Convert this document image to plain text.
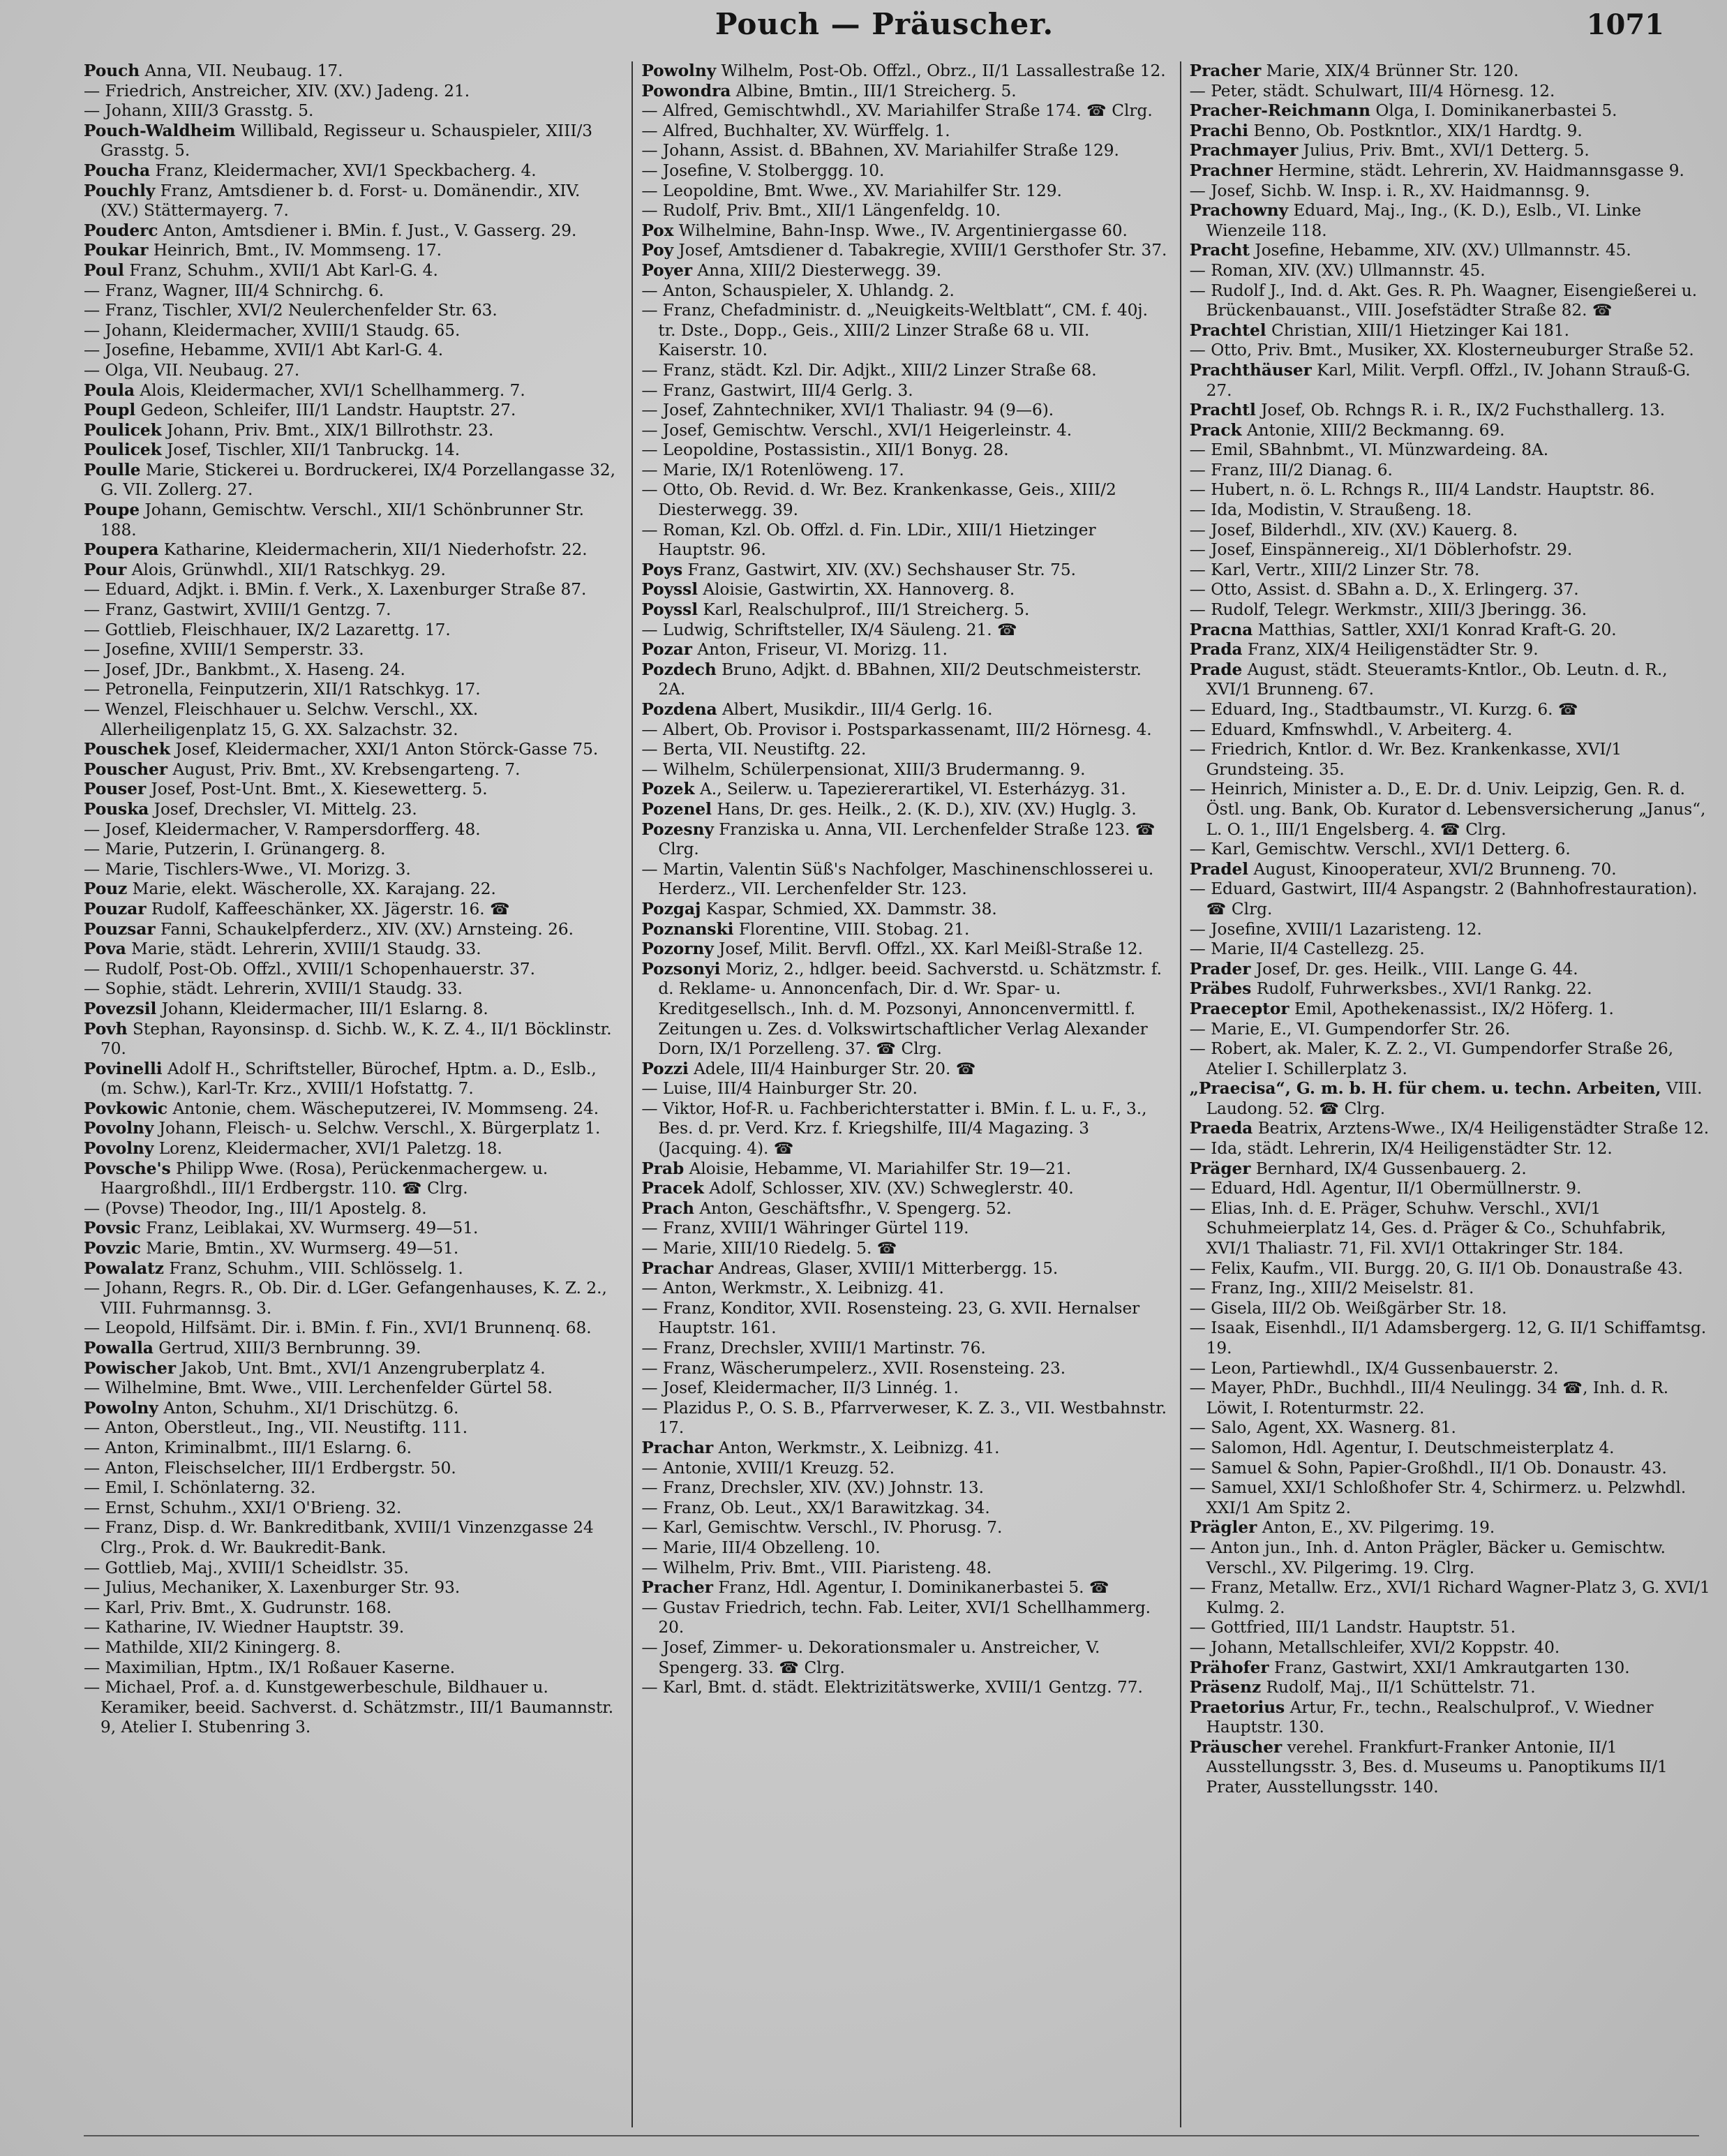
Pouch — Präuscher.	1071

Pouch Anna, VII. Neubaug. 17.

— Friedrich, Anstreicher, XIV. (XV.) Jadeng. 21.

— Johann, XIII/3 Grasstg. 5.

Pouch-Waldheim Willibald, Regisseur u. Schauspieler, XIII/3 Grasstg. 5.

Poucha Franz, Kleidermacher, XVI/1 Speckbacherg. 4.

Pouchly Franz, Amtsdiener b. d. Forst- u. Domänendir., XIV. (XV.) Stättermayerg. 7.

Pouderc Anton, Amtsdiener i. BMin. f. Just., V. Gasserg. 29.

Poukar Heinrich, Bmt., IV. Mommseng. 17.

Poul Franz, Schuhm., XVII/1 Abt Karl-G. 4.

— Franz, Wagner, III/4 Schnirchg. 6.

— Franz, Tischler, XVI/2 Neulerchenfelder Str. 63.

— Johann, Kleidermacher, XVIII/1 Staudg. 65.

— Josefine, Hebamme, XVII/1 Abt Karl-G. 4.

— Olga, VII. Neubaug. 27.

Poula Alois, Kleidermacher, XVI/1 Schellhammerg. 7.

Poupl Gedeon, Schleifer, III/1 Landstr. Hauptstr. 27.

Poulicek Johann, Priv. Bmt., XIX/1 Billrothstr. 23.

Poulicek Josef, Tischler, XII/1 Tanbruckg. 14.

Poulle Marie, Stickerei u. Bordruckerei, IX/4 Porzellangasse 32, G. VII. Zollerg. 27.

Poupe Johann, Gemischtw. Verschl., XII/1 Schönbrunner Str. 188.

Poupera Katharine, Kleidermacherin, XII/1 Niederhofstr. 22.

Pour Alois, Grünwhdl., XII/1 Ratschkyg. 29.

— Eduard, Adjkt. i. BMin. f. Verk., X. Laxenburger Straße 87.

— Franz, Gastwirt, XVIII/1 Gentzg. 7.

— Gottlieb, Fleischhauer, IX/2 Lazarettg. 17.

— Josefine, XVIII/1 Semperstr. 33.

— Josef, JDr., Bankbmt., X. Haseng. 24.

— Petronella, Feinputzerin, XII/1 Ratschkyg. 17.

— Wenzel, Fleischhauer u. Selchw. Verschl., XX. Allerheiligenplatz 15, G. XX. Salzachstr. 32.

Pouschek Josef, Kleidermacher, XXI/1 Anton Störck-Gasse 75.

Pouscher August, Priv. Bmt., XV. Krebsengarteng. 7.

Pouser Josef, Post-Unt. Bmt., X. Kiesewetterg. 5.

Pouska Josef, Drechsler, VI. Mittelg. 23.

— Josef, Kleidermacher, V. Rampersdorfferg. 48.

— Marie, Putzerin, I. Grünangerg. 8.

— Marie, Tischlers-Wwe., VI. Morizg. 3.

Pouz Marie, elekt. Wäscherolle, XX. Karajang. 22.

Pouzar Rudolf, Kaffeeschänker, XX. Jägerstr. 16. ☎

Pouzsar Fanni, Schaukelpferderz., XIV. (XV.) Arnsteing. 26.

Pova Marie, städt. Lehrerin, XVIII/1 Staudg. 33.

— Rudolf, Post-Ob. Offzl., XVIII/1 Schopenhauerstr. 37.

— Sophie, städt. Lehrerin, XVIII/1 Staudg. 33.

Povezsil Johann, Kleidermacher, III/1 Eslarng. 8.

Povh Stephan, Rayonsinsp. d. Sichb. W., K. Z. 4., II/1 Böcklinstr. 70.

Povinelli Adolf H., Schriftsteller, Bürochef, Hptm. a. D., Eslb., (m. Schw.), Karl-Tr. Krz., XVIII/1 Hofstattg. 7.

Povkowic Antonie, chem. Wäscheputzerei, IV. Mommseng. 24.

Povolny Johann, Fleisch- u. Selchw. Verschl., X. Bürgerplatz 1.

Povolny Lorenz, Kleidermacher, XVI/1 Paletzg. 18.

Povsche's Philipp Wwe. (Rosa), Perückenmachergew. u. Haargroßhdl., III/1 Erdbergstr. 110. ☎ Clrg.

— (Povse) Theodor, Ing., III/1 Apostelg. 8.

Povsic Franz, Leiblakai, XV. Wurmserg. 49—51.

Povzic Marie, Bmtin., XV. Wurmserg. 49—51.

Powalatz Franz, Schuhm., VIII. Schlösselg. 1.

— Johann, Regrs. R., Ob. Dir. d. LGer. Gefangenhauses, K. Z. 2., VIII. Fuhrmannsg. 3.

— Leopold, Hilfsämt. Dir. i. BMin. f. Fin., XVI/1 Brunnenq. 68.

Powalla Gertrud, XIII/3 Bernbrunng. 39.

Powischer Jakob, Unt. Bmt., XVI/1 Anzengruberplatz 4.

— Wilhelmine, Bmt. Wwe., VIII. Lerchenfelder Gürtel 58.

Powolny Anton, Schuhm., XI/1 Drischützg. 6.

— Anton, Oberstleut., Ing., VII. Neustiftg. 111.

— Anton, Kriminalbmt., III/1 Eslarng. 6.

— Anton, Fleischselcher, III/1 Erdbergstr. 50.

— Emil, I. Schönlaterng. 32.

— Ernst, Schuhm., XXI/1 O'Brieng. 32.

— Franz, Disp. d. Wr. Bankreditbank, XVIII/1 Vinzenzgasse 24 Clrg., Prok. d. Wr. Baukredit-Bank.

— Gottlieb, Maj., XVIII/1 Scheidlstr. 35.

— Julius, Mechaniker, X. Laxenburger Str. 93.

— Karl, Priv. Bmt., X. Gudrunstr. 168.

— Katharine, IV. Wiedner Hauptstr. 39.

— Mathilde, XII/2 Kiningerg. 8.

— Maximilian, Hptm., IX/1 Roßauer Kaserne.

— Michael, Prof. a. d. Kunstgewerbeschule, Bildhauer u. Keramiker, beeid. Sachverst. d. Schätzmstr., III/1 Baumannstr. 9, Atelier I. Stubenring 3.

Powolny Wilhelm, Post-Ob. Offzl., Obrz., II/1 Lassallestraße 12.

Powondra Albine, Bmtin., III/1 Streicherg. 5.

— Alfred, Gemischtwhdl., XV. Mariahilfer Straße 174. ☎ Clrg.

— Alfred, Buchhalter, XV. Würffelg. 1.

— Johann, Assist. d. BBahnen, XV. Mariahilfer Straße 129.

— Josefine, V. Stolberggg. 10.

— Leopoldine, Bmt. Wwe., XV. Mariahilfer Str. 129.

— Rudolf, Priv. Bmt., XII/1 Längenfeldg. 10.

Pox Wilhelmine, Bahn-Insp. Wwe., IV. Argentiniergasse 60.

Poy Josef, Amtsdiener d. Tabakregie, XVIII/1 Gersthofer Str. 37.

Poyer Anna, XIII/2 Diesterwegg. 39.

— Anton, Schauspieler, X. Uhlandg. 2.

— Franz, Chefadministr. d. „Neuigkeits-Weltblatt“, CM. f. 40j. tr. Dste., Dopp., Geis., XIII/2 Linzer Straße 68 u. VII. Kaiserstr. 10.

— Franz, städt. Kzl. Dir. Adjkt., XIII/2 Linzer Straße 68.

— Franz, Gastwirt, III/4 Gerlg. 3.

— Josef, Zahntechniker, XVI/1 Thaliastr. 94 (9—6).

— Josef, Gemischtw. Verschl., XVI/1 Heigerleinstr. 4.

— Leopoldine, Postassistin., XII/1 Bonyg. 28.

— Marie, IX/1 Rotenlöweng. 17.

— Otto, Ob. Revid. d. Wr. Bez. Krankenkasse, Geis., XIII/2 Diesterwegg. 39.

— Roman, Kzl. Ob. Offzl. d. Fin. LDir., XIII/1 Hietzinger Hauptstr. 96.

Poys Franz, Gastwirt, XIV. (XV.) Sechshauser Str. 75.

Poyssl Aloisie, Gastwirtin, XX. Hannoverg. 8.

Poyssl Karl, Realschulprof., III/1 Streicherg. 5.

— Ludwig, Schriftsteller, IX/4 Säuleng. 21. ☎

Pozar Anton, Friseur, VI. Morizg. 11.

Pozdech Bruno, Adjkt. d. BBahnen, XII/2 Deutschmeisterstr. 2A.

Pozdena Albert, Musikdir., III/4 Gerlg. 16.

— Albert, Ob. Provisor i. Postsparkassenamt, III/2 Hörnesg. 4.

— Berta, VII. Neustiftg. 22.

— Wilhelm, Schülerpensionat, XIII/3 Brudermanng. 9.

Pozek A., Seilerw. u. Tapeziererartikel, VI. Esterházyg. 31.

Pozenel Hans, Dr. ges. Heilk., 2. (K. D.), XIV. (XV.) Huglg. 3.

Pozesny Franziska u. Anna, VII. Lerchenfelder Straße 123. ☎ Clrg.

— Martin, Valentin Süß's Nachfolger, Maschinenschlosserei u. Herderz., VII. Lerchenfelder Str. 123.

Pozgaj Kaspar, Schmied, XX. Dammstr. 38.

Poznanski Florentine, VIII. Stobag. 21.

Pozorny Josef, Milit. Bervfl. Offzl., XX. Karl Meißl-Straße 12.

Pozsonyi Moriz, 2., hdlger. beeid. Sachverstd. u. Schätzmstr. f. d. Reklame- u. Annoncenfach, Dir. d. Wr. Spar- u. Kreditgesellsch., Inh. d. M. Pozsonyi, Annoncenvermittl. f. Zeitungen u. Zes. d. Volkswirtschaftlicher Verlag Alexander Dorn, IX/1 Porzelleng. 37. ☎ Clrg.

Pozzi Adele, III/4 Hainburger Str. 20. ☎

— Luise, III/4 Hainburger Str. 20.

— Viktor, Hof-R. u. Fachberichterstatter i. BMin. f. L. u. F., 3., Bes. d. pr. Verd. Krz. f. Kriegshilfe, III/4 Magazing. 3 (Jacquing. 4). ☎

Prab Aloisie, Hebamme, VI. Mariahilfer Str. 19—21.

Pracek Adolf, Schlosser, XIV. (XV.) Schweglerstr. 40.

Prach Anton, Geschäftsfhr., V. Spengerg. 52.

— Franz, XVIII/1 Währinger Gürtel 119.

— Marie, XIII/10 Riedelg. 5. ☎

Prachar Andreas, Glaser, XVIII/1 Mitterbergg. 15.

— Anton, Werkmstr., X. Leibnizg. 41.

— Franz, Konditor, XVII. Rosensteing. 23, G. XVII. Hernalser Hauptstr. 161.

— Franz, Drechsler, XVIII/1 Martinstr. 76.

— Franz, Wäscherumpelerz., XVII. Rosensteing. 23.

— Josef, Kleidermacher, II/3 Linnég. 1.

— Plazidus P., O. S. B., Pfarrverweser, K. Z. 3., VII. Westbahnstr. 17.

Prachar Anton, Werkmstr., X. Leibnizg. 41.

— Antonie, XVIII/1 Kreuzg. 52.

— Franz, Drechsler, XIV. (XV.) Johnstr. 13.

— Franz, Ob. Leut., XX/1 Barawitzkag. 34.

— Karl, Gemischtw. Verschl., IV. Phorusg. 7.

— Marie, III/4 Obzelleng. 10.

— Wilhelm, Priv. Bmt., VIII. Piaristeng. 48.

Pracher Franz, Hdl. Agentur, I. Dominikanerbastei 5. ☎

— Gustav Friedrich, techn. Fab. Leiter, XVI/1 Schellhammerg. 20.

— Josef, Zimmer- u. Dekorationsmaler u. Anstreicher, V. Spengerg. 33. ☎ Clrg.

— Karl, Bmt. d. städt. Elektrizitätswerke, XVIII/1 Gentzg. 77.

Pracher Marie, XIX/4 Brünner Str. 120.

— Peter, städt. Schulwart, III/4 Hörnesg. 12.

Pracher-Reichmann Olga, I. Dominikanerbastei 5.

Prachi Benno, Ob. Postkntlor., XIX/1 Hardtg. 9.

Prachmayer Julius, Priv. Bmt., XVI/1 Detterg. 5.

Prachner Hermine, städt. Lehrerin, XV. Haidmannsgasse 9.

— Josef, Sichb. W. Insp. i. R., XV. Haidmannsg. 9.

Prachowny Eduard, Maj., Ing., (K. D.), Eslb., VI. Linke Wienzeile 118.

Pracht Josefine, Hebamme, XIV. (XV.) Ullmannstr. 45.

— Roman, XIV. (XV.) Ullmannstr. 45.

— Rudolf J., Ind. d. Akt. Ges. R. Ph. Waagner, Eisengießerei u. Brückenbauanst., VIII. Josefstädter Straße 82. ☎

Prachtel Christian, XIII/1 Hietzinger Kai 181.

— Otto, Priv. Bmt., Musiker, XX. Klosterneuburger Straße 52.

Prachthäuser Karl, Milit. Verpfl. Offzl., IV. Johann Strauß-G. 27.

Prachtl Josef, Ob. Rchngs R. i. R., IX/2 Fuchsthallerg. 13.

Prack Antonie, XIII/2 Beckmanng. 69.

— Emil, SBahnbmt., VI. Münzwardeing. 8A.

— Franz, III/2 Dianag. 6.

— Hubert, n. ö. L. Rchngs R., III/4 Landstr. Hauptstr. 86.

— Ida, Modistin, V. Straußeng. 18.

— Josef, Bilderhdl., XIV. (XV.) Kauerg. 8.

— Josef, Einspännereig., XI/1 Döblerhofstr. 29.

— Karl, Vertr., XIII/2 Linzer Str. 78.

— Otto, Assist. d. SBahn a. D., X. Erlingerg. 37.

— Rudolf, Telegr. Werkmstr., XIII/3 Jberingg. 36.

Pracna Matthias, Sattler, XXI/1 Konrad Kraft-G. 20.

Prada Franz, XIX/4 Heiligenstädter Str. 9.

Prade August, städt. Steueramts-Kntlor., Ob. Leutn. d. R., XVI/1 Brunneng. 67.

— Eduard, Ing., Stadtbaumstr., VI. Kurzg. 6. ☎

— Eduard, Kmfnswhdl., V. Arbeiterg. 4.

— Friedrich, Kntlor. d. Wr. Bez. Krankenkasse, XVI/1 Grundsteing. 35.

— Heinrich, Minister a. D., E. Dr. d. Univ. Leipzig, Gen. R. d. Östl. ung. Bank, Ob. Kurator d. Lebensversicherung „Janus“, L. O. 1., III/1 Engelsberg. 4. ☎ Clrg.

— Karl, Gemischtw. Verschl., XVI/1 Detterg. 6.

Pradel August, Kinooperateur, XVI/2 Brunneng. 70.

— Eduard, Gastwirt, III/4 Aspangstr. 2 (Bahnhofrestauration). ☎ Clrg.

— Josefine, XVIII/1 Lazaristeng. 12.

— Marie, II/4 Castellezg. 25.

Prader Josef, Dr. ges. Heilk., VIII. Lange G. 44.

Präbes Rudolf, Fuhrwerksbes., XVI/1 Rankg. 22.

Praeceptor Emil, Apothekenassist., IX/2 Höferg. 1.

— Marie, E., VI. Gumpendorfer Str. 26.

— Robert, ak. Maler, K. Z. 2., VI. Gumpendorfer Straße 26, Atelier I. Schillerplatz 3.

„Praecisa“, G. m. b. H. für chem. u. techn. Arbeiten, VIII. Laudong. 52. ☎ Clrg.

Praeda Beatrix, Arztens-Wwe., IX/4 Heiligenstädter Straße 12.

— Ida, städt. Lehrerin, IX/4 Heiligenstädter Str. 12.

Präger Bernhard, IX/4 Gussenbauerg. 2.

— Eduard, Hdl. Agentur, II/1 Obermüllnerstr. 9.

— Elias, Inh. d. E. Präger, Schuhw. Verschl., XVI/1 Schuhmeierplatz 14, Ges. d. Präger & Co., Schuhfabrik, XVI/1 Thaliastr. 71, Fil. XVI/1 Ottakringer Str. 184.

— Felix, Kaufm., VII. Burgg. 20, G. II/1 Ob. Donaustraße 43.

— Franz, Ing., XIII/2 Meiselstr. 81.

— Gisela, III/2 Ob. Weißgärber Str. 18.

— Isaak, Eisenhdl., II/1 Adamsbergerg. 12, G. II/1 Schiffamtsg. 19.

— Leon, Partiewhdl., IX/4 Gussenbauerstr. 2.

— Mayer, PhDr., Buchhdl., III/4 Neulingg. 34 ☎, Inh. d. R. Löwit, I. Rotenturmstr. 22.

— Salo, Agent, XX. Wasnerg. 81.

— Salomon, Hdl. Agentur, I. Deutschmeisterplatz 4.

— Samuel & Sohn, Papier-Großhdl., II/1 Ob. Donaustr. 43.

— Samuel, XXI/1 Schloßhofer Str. 4, Schirmerz. u. Pelzwhdl. XXI/1 Am Spitz 2.

Prägler Anton, E., XV. Pilgerimg. 19.

— Anton jun., Inh. d. Anton Prägler, Bäcker u. Gemischtw. Verschl., XV. Pilgerimg. 19. Clrg.

— Franz, Metallw. Erz., XVI/1 Richard Wagner-Platz 3, G. XVI/1 Kulmg. 2.

— Gottfried, III/1 Landstr. Hauptstr. 51.

— Johann, Metallschleifer, XVI/2 Koppstr. 40.

Prähofer Franz, Gastwirt, XXI/1 Amkrautgarten 130.

Präsenz Rudolf, Maj., II/1 Schüttelstr. 71.

Praetorius Artur, Fr., techn., Realschulprof., V. Wiedner Hauptstr. 130.

Präuscher verehel. Frankfurt-Franker Antonie, II/1 Ausstellungsstr. 3, Bes. d. Museums u. Panoptikums II/1 Prater, Ausstellungsstr. 140.
